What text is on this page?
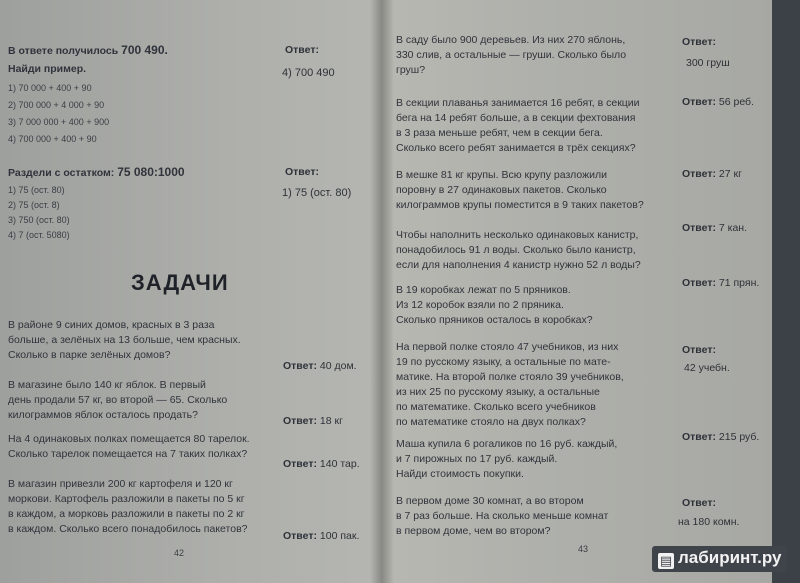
В ответе получилось 700 490.
Найди пример.
1) 70 000 + 400 + 90
2) 700 000 + 4 000 + 90
3) 7 000 000 + 400 + 900
4) 700 000 + 400 + 90
Ответ:
4) 700 490
Раздели с остатком: 75 080:1000
1) 75 (ост. 80)
2) 75 (ост. 8)
3) 750 (ост. 80)
4) 7 (ост. 5080)
Ответ:
1) 75 (ост. 80)
ЗАДАЧИ
В районе 9 синих домов, красных в 3 раза
больше, а зелёных на 13 больше, чем красных.
Сколько в парке зелёных домов?
Ответ: 40 дом.
В магазине было 140 кг яблок. В первый
день продали 57 кг, во второй — 65. Сколько
килограммов яблок осталось продать?	Ответ: 18 кг
На 4 одинаковых полках помещается 80 тарелок.
Сколько тарелок помещается на 7 таких полках?
Ответ: 140 тар.
В магазин привезли 200 кг картофеля и 120 кг
моркови. Картофель разложили в пакеты по 5 кг
в каждом, а морковь разложили в пакеты по 2 кг
в каждом. Сколько всего понадобилось пакетов?
Ответ: 100 пак.
42
В саду было 900 деревьев. Из них 270 яблонь,
330 слив, а остальные — груши. Сколько было
груш?
Ответ:
300 груш
В секции плаванья занимается 16 ребят, в секции
бега на 14 ребят больше, а в секции фехтования
в 3 раза меньше ребят, чем в секции бега.
Сколько всего ребят занимается в трёх секциях?
Ответ: 56 реб.
В мешке 81 кг крупы. Всю крупу разложили
поровну в 27 одинаковых пакетов. Сколько
килограммов крупы поместится в 9 таких пакетов?
Ответ: 27 кг
Чтобы наполнить несколько одинаковых канистр,
понадобилось 91 л воды. Сколько было канистр,
если для наполнения 4 канистр нужно 52 л воды?
Ответ: 7 кан.
В 19 коробках лежат по 5 пряников.
Из 12 коробок взяли по 2 пряника.
Сколько пряников осталось в коробках?
Ответ: 71 прян.
На первой полке стояло 47 учебников, из них
19 по русскому языку, а остальные по мате-
матике. На второй полке стояло 39 учебников,
из них 25 по русскому языку, а остальные
по математике. Сколько всего учебников
по математике стояло на двух полках?
Ответ:
42 учебн.
Маша купила 6 рогаликов по 16 руб. каждый,
и 7 пирожных по 17 руб. каждый.
Найди стоимость покупки.
Ответ: 215 руб.
В первом доме 30 комнат, а во втором
в 7 раз больше. На сколько меньше комнат
в первом доме, чем во втором?
Ответ:
на 180 комн.
43
▤ лабиринт.ру
